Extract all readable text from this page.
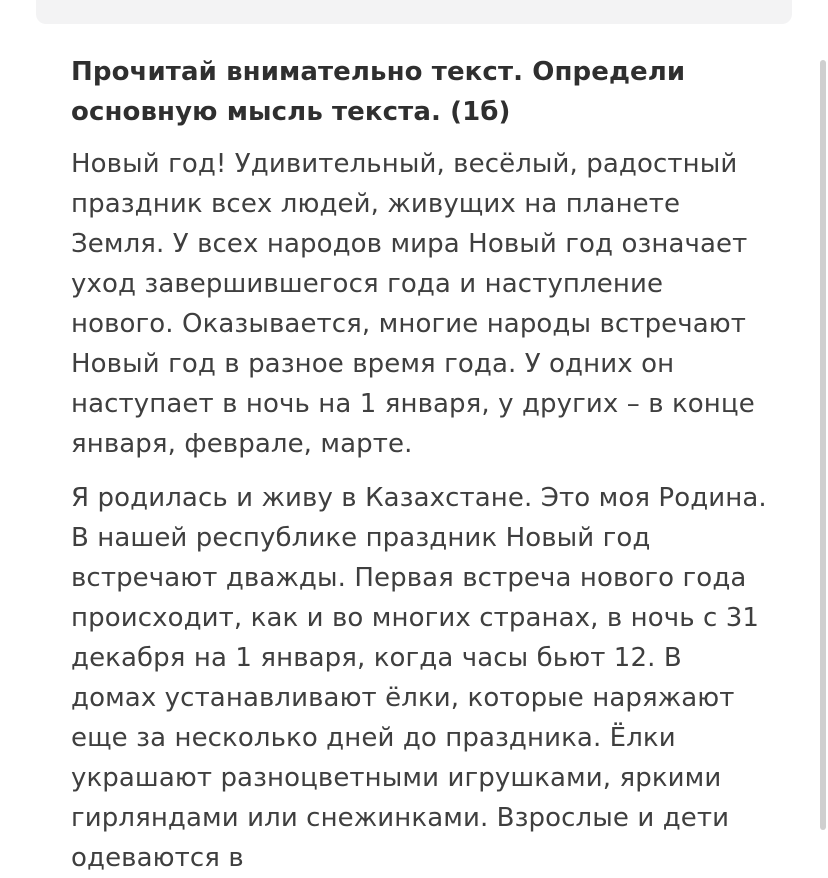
Прочитай внимательно текст. Определи основную мысль текста. (1б)

Новый год! Удивительный, весёлый, радостный праздник всех людей, живущих на планете Земля. У всех народов мира Новый год означает уход завершившегося года и наступление нового. Оказывается, многие народы встречают Новый год в разное время года. У одних он наступает в ночь на 1 января, у других – в конце января, феврале, марте.

Я родилась и живу в Казахстане. Это моя Родина. В нашей республике праздник Новый год встречают дважды. Первая встреча нового года происходит, как и во многих странах, в ночь с 31 декабря на 1 января, когда часы бьют 12. В домах устанавливают ёлки, которые наряжают еще за несколько дней до праздника. Ёлки украшают разноцветными игрушками, яркими гирляндами или снежинками. Взрослые и дети одеваются в
